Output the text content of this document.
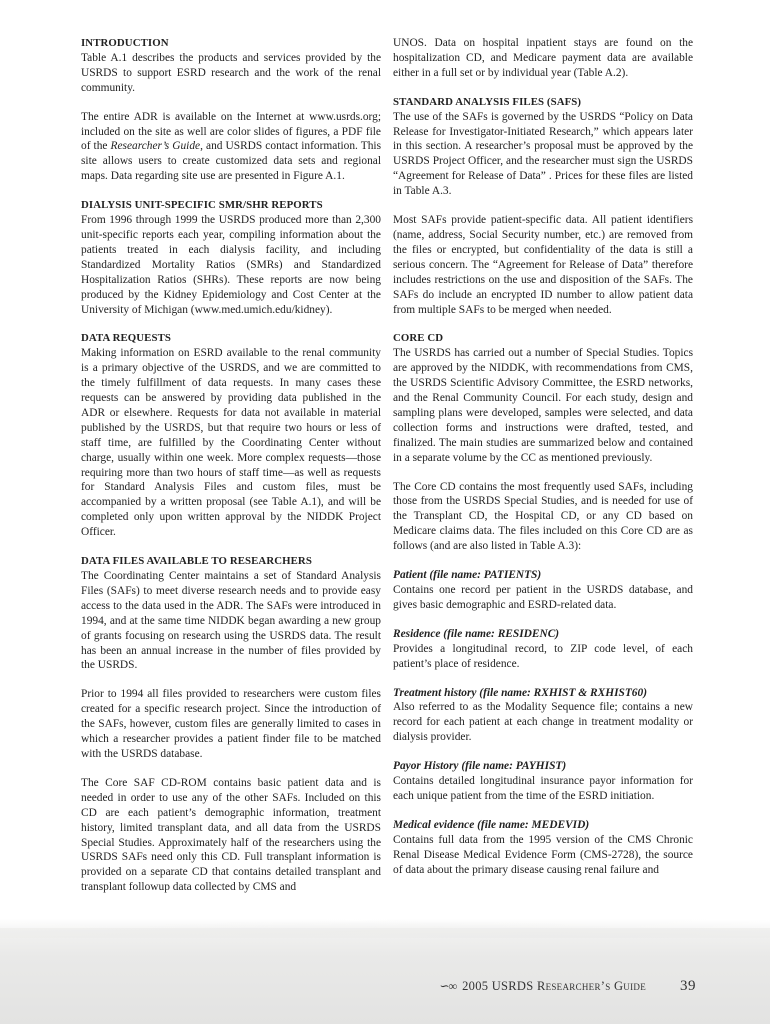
INTRODUCTION

Table A.1 describes the products and services provided by the USRDS to support ESRD research and the work of the renal community.

The entire ADR is available on the Internet at www.usrds.org; included on the site as well are color slides of figures, a PDF file of the Researcher’s Guide, and USRDS contact information. This site allows users to create customized data sets and regional maps. Data regarding site use are presented in Figure A.1.

DIALYSIS UNIT-SPECIFIC SMR/SHR REPORTS

From 1996 through 1999 the USRDS produced more than 2,300 unit-specific reports each year, compiling information about the patients treated in each dialysis facility, and including Standardized Mortality Ratios (SMRs) and Standardized Hospitalization Ratios (SHRs). These reports are now being produced by the Kidney Epidemiology and Cost Center at the University of Michigan (www.med.umich.edu/kidney).

DATA REQUESTS

Making information on ESRD available to the renal community is a primary objective of the USRDS, and we are committed to the timely fulfillment of data requests. In many cases these requests can be answered by providing data published in the ADR or elsewhere. Requests for data not available in material published by the USRDS, but that require two hours or less of staff time, are fulfilled by the Coordinating Center without charge, usually within one week. More complex requests—those requiring more than two hours of staff time—as well as requests for Standard Analysis Files and custom files, must be accompanied by a written proposal (see Table A.1), and will be completed only upon written approval by the NIDDK Project Officer.

DATA FILES AVAILABLE TO RESEARCHERS

The Coordinating Center maintains a set of Standard Analysis Files (SAFs) to meet diverse research needs and to provide easy access to the data used in the ADR. The SAFs were introduced in 1994, and at the same time NIDDK began awarding a new group of grants focusing on research using the USRDS data. The result has been an annual increase in the number of files provided by the USRDS.

Prior to 1994 all files provided to researchers were custom files created for a specific research project. Since the introduction of the SAFs, however, custom files are generally limited to cases in which a researcher provides a patient finder file to be matched with the USRDS database.

The Core SAF CD-ROM contains basic patient data and is needed in order to use any of the other SAFs. Included on this CD are each patient’s demographic information, treatment history, limited transplant data, and all data from the USRDS Special Studies. Approximately half of the researchers using the USRDS SAFs need only this CD. Full transplant information is provided on a separate CD that contains detailed transplant and transplant followup data collected by CMS and

UNOS. Data on hospital inpatient stays are found on the hospitalization CD, and Medicare payment data are available either in a full set or by individual year (Table A.2).

STANDARD ANALYSIS FILES (SAFS)

The use of the SAFs is governed by the USRDS “Policy on Data Release for Investigator-Initiated Research,” which appears later in this section. A researcher’s proposal must be approved by the USRDS Project Officer, and the researcher must sign the USRDS “Agreement for Release of Data” . Prices for these files are listed in Table A.3.

Most SAFs provide patient-specific data. All patient identifiers (name, address, Social Security number, etc.) are removed from the files or encrypted, but confidentiality of the data is still a serious concern. The “Agreement for Release of Data” therefore includes restrictions on the use and disposition of the SAFs. The SAFs do include an encrypted ID number to allow patient data from multiple SAFs to be merged when needed.

CORE CD

The USRDS has carried out a number of Special Studies. Topics are approved by the NIDDK, with recommendations from CMS, the USRDS Scientific Advisory Committee, the ESRD networks, and the Renal Community Council. For each study, design and sampling plans were developed, samples were selected, and data collection forms and instructions were drafted, tested, and finalized. The main studies are summarized below and contained in a separate volume by the CC as mentioned previously.

The Core CD contains the most frequently used SAFs, including those from the USRDS Special Studies, and is needed for use of the Transplant CD, the Hospital CD, or any CD based on Medicare claims data. The files included on this Core CD are as follows (and are also listed in Table A.3):

Patient (file name: PATIENTS)
Contains one record per patient in the USRDS database, and gives basic demographic and ESRD-related data.
Residence (file name: RESIDENC)
Provides a longitudinal record, to ZIP code level, of each patient’s place of residence.
Treatment history (file name: RXHIST & RXHIST60)
Also referred to as the Modality Sequence file; contains a new record for each patient at each change in treatment modality or dialysis provider.
Payor History (file name: PAYHIST)
Contains detailed longitudinal insurance payor information for each unique patient from the time of the ESRD initiation.
Medical evidence (file name: MEDEVID)
Contains full data from the 1995 version of the CMS Chronic Renal Disease Medical Evidence Form (CMS-2728), the source of data about the primary disease causing renal failure and
∽∞ 2005 USRDS Researcher’s Guide 39
